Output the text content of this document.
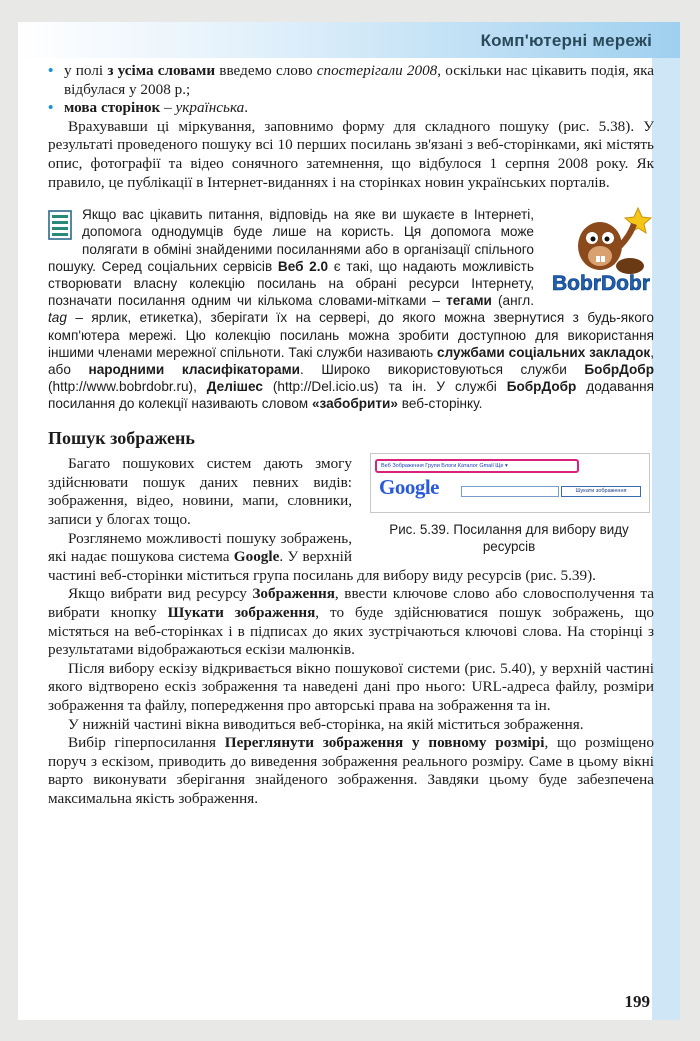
Комп'ютерні мережі
• у полі з усіма словами введемо слово спостерігали 2008, оскільки нас цікавить подія, яка відбулася у 2008 р.;
• мова сторінок – українська.

Врахувавши ці міркування, заповнимо форму для складного пошуку (рис. 5.38). У результаті проведеного пошуку всі 10 перших посилань зв'язані з веб-сторінками, які містять опис, фотографії та відео сонячного затемнення, що відбулося 1 серпня 2008 року. Як правило, це публікації в Інтернет-виданнях і на сторінках новин українських порталів.

BobrDobr

Якщо вас цікавить питання, відповідь на яке ви шукаєте в Інтернеті, допомога однодумців буде лише на користь. Ця допомога може полягати в обміні знайденими посиланнями або в організації спільного пошуку. Серед соціальних сервісів Веб 2.0 є такі, що надають можливість створювати власну колекцію посилань на обрані ресурси Інтернету, позначати посилання одним чи кількома словами-мітками – тегами (англ. tag – ярлик, етикетка), зберігати їх на сервері, до якого можна звернутися з будь-якого комп'ютера мережі. Цю колекцію посилань можна зробити доступною для використання іншими членами мережної спільноти. Такі служби називають службами соціальних закладок, або народними класифікаторами. Широко використовуються служби БобрДобр (http://www.bobrdobr.ru), Делішес (http://Del.icio.us) та ін. У службі БобрДобр додавання посилання до колекції називають словом «забобрити» веб-сторінку.

Пошук зображень
Веб Зображення Групи Блоги Каталог Gmail Ще ▾
Google	Шукати зображення
Рис. 5.39. Посилання для вибору виду ресурсів

Багато пошукових систем дають змогу здійснювати пошук даних певних видів: зображення, відео, новини, мапи, словники, записи у блогах тощо.

Розглянемо можливості пошуку зображень, які надає пошукова система Google. У верхній частині веб-сторінки міститься група посилань для вибору виду ресурсів (рис. 5.39).

Якщо вибрати вид ресурсу Зображення, ввести ключове слово або словосполучення та вибрати кнопку Шукати зображення, то буде здійснюватися пошук зображень, що містяться на веб-сторінках і в підписах до яких зустрічаються ключові слова. На сторінці з результатами відображаються ескізи малюнків.

Після вибору ескізу відкривається вікно пошукової системи (рис. 5.40), у верхній частині якого відтворено ескіз зображення та наведені дані про нього: URL-адреса файлу, розміри зображення та файлу, попередження про авторські права на зображення та ін.

У нижній частині вікна виводиться веб-сторінка, на якій міститься зображення.

Вибір гіперпосилання Переглянути зображення у повному розмірі, що розміщено поруч з ескізом, приводить до виведення зображення реального розміру. Саме в цьому вікні варто виконувати зберігання знайденого зображення. Завдяки цьому буде забезпечена максимальна якість зображення.

199
